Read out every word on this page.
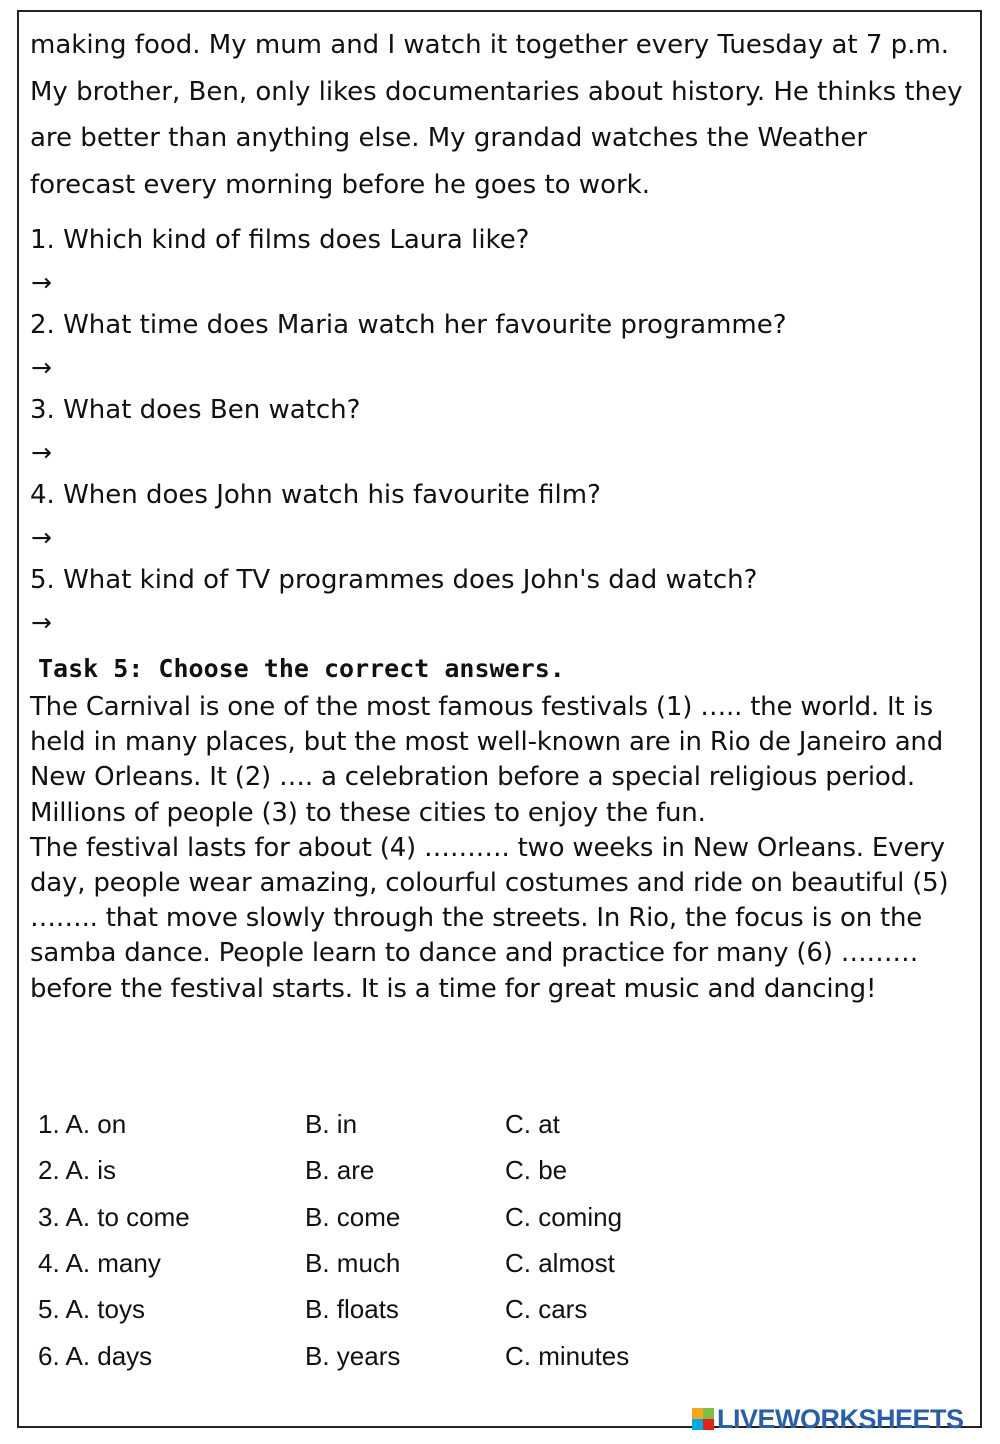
making food. My mum and I watch it together every Tuesday at 7 p.m. My brother, Ben, only likes documentaries about history. He thinks they are better than anything else. My grandad watches the Weather forecast every morning before he goes to work.

1. Which kind of films does Laura like?
→
2. What time does Maria watch her favourite programme?
→
3. What does Ben watch?
→
4. When does John watch his favourite film?
→
5. What kind of TV programmes does John's dad watch?
→
Task 5: Choose the correct answers.

The Carnival is one of the most famous festivals (1) ….. the world. It is held in many places, but the most well-known are in Rio de Janeiro and New Orleans. It (2) …. a celebration before a special religious period. Millions of people (3) to these cities to enjoy the fun.

The festival lasts for about (4) ………. two weeks in New Orleans. Every day, people wear amazing, colourful costumes and ride on beautiful (5) …….. that move slowly through the streets. In Rio, the focus is on the samba dance. People learn to dance and practice for many (6) ……… before the festival starts. It is a time for great music and dancing!

1. A. on	B. in	C. at
2. A. is	B. are	C. be
3. A. to come	B. come	C. coming
4. A. many	B. much	C. almost
5. A. toys	B. floats	C. cars
6. A. days	B. years	C. minutes
LIVEWORKSHEETS
